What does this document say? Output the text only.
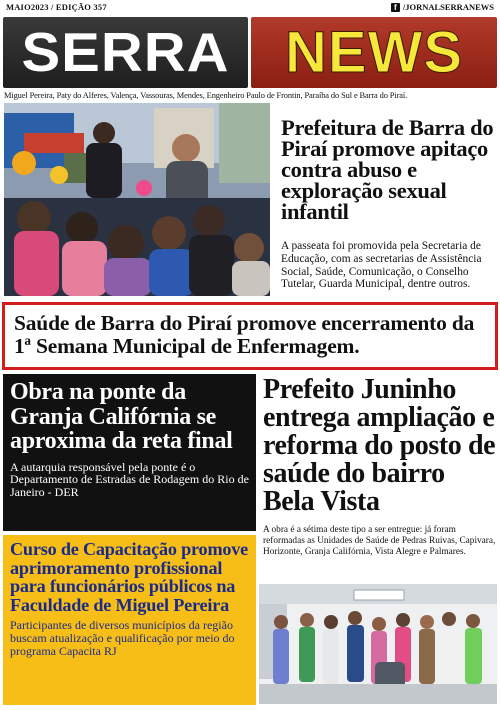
MAIO2023 / EDIÇÃO 357	f /JORNALSERRANEWS
SERRA NEWS
Miguel Pereira, Paty do Alferes, Valença, Vassouras, Mendes, Engenheiro Paulo de Frontin, Paraíba do Sul e Barra do Piraí.
Prefeitura de Barra do Piraí promove apitaço contra abuso e exploração sexual infantil
A passeata foi promovida pela Secretaria de Educação, com as secretarias de Assistência Social, Saúde, Comunicação, o Conselho Tutelar, Guarda Municipal, dentre outros.
Saúde de Barra do Piraí promove encerramento da 1ª Semana Municipal de Enfermagem.
Obra na ponte da Granja Califórnia se aproxima da reta final
A autarquia responsável pela ponte é o Departamento de Estradas de Rodagem do Rio de Janeiro - DER
Prefeito Juninho entrega ampliação e reforma do posto de saúde do bairro Bela Vista
A obra é a sétima deste tipo a ser entregue: já foram reformadas as Unidades de Saúde de Pedras Ruivas, Capivara, Horizonte, Granja Califórnia, Vista Alegre e Palmares.
Curso de Capacitação promove aprimoramento profissional para funcionários públicos na Faculdade de Miguel Pereira
Participantes de diversos municípios da região buscam atualização e qualificação por meio do programa Capacita RJ
